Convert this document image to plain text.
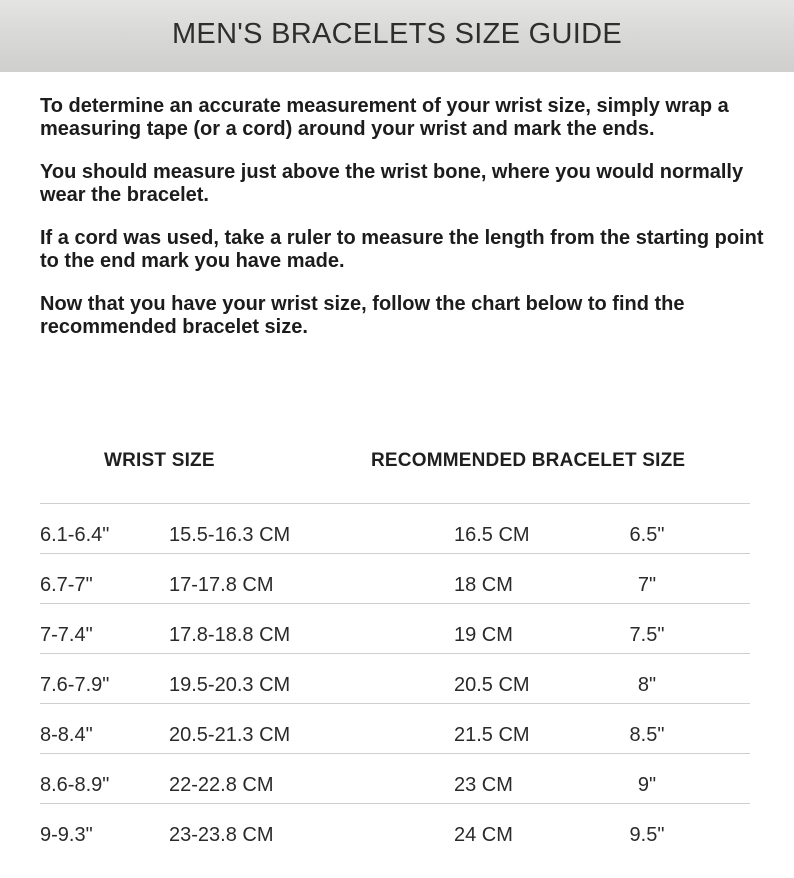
MEN'S BRACELETS SIZE GUIDE

To determine an accurate measurement of your wrist size, simply wrap a measuring tape (or a cord) around your wrist and mark the ends.

You should measure just above the wrist bone, where you would normally wear the bracelet.

If a cord was used, take a ruler to measure the length from the starting point to the end mark you have made.

Now that you have your wrist size, follow the chart below to find the recommended bracelet size.

WRIST SIZE	RECOMMENDED BRACELET SIZE
6.1-6.4"	15.5-16.3 CM	16.5 CM	6.5"
6.7-7"	17-17.8 CM	18 CM	7"
7-7.4"	17.8-18.8 CM	19 CM	7.5"
7.6-7.9"	19.5-20.3 CM	20.5 CM	8"
8-8.4"	20.5-21.3 CM	21.5 CM	8.5"
8.6-8.9"	22-22.8 CM	23 CM	9"
9-9.3"	23-23.8 CM	24 CM	9.5"
